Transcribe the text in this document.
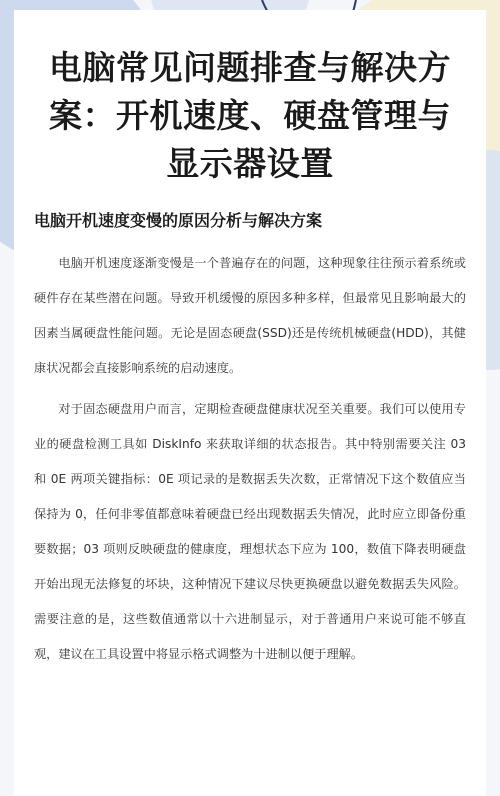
电脑常见问题排查与解决方案：开机速度、硬盘管理与显示器设置
电脑开机速度变慢的原因分析与解决方案

电脑开机速度逐渐变慢是一个普遍存在的问题，这种现象往往预示着系统或硬件存在某些潜在问题。导致开机缓慢的原因多种多样，但最常见且影响最大的因素当属硬盘性能问题。无论是固态硬盘(SSD)还是传统机械硬盘(HDD)，其健康状况都会直接影响系统的启动速度。

对于固态硬盘用户而言，定期检查硬盘健康状况至关重要。我们可以使用专业的硬盘检测工具如 DiskInfo 来获取详细的状态报告。其中特别需要关注 03 和 0E 两项关键指标：0E 项记录的是数据丢失次数，正常情况下这个数值应当保持为 0，任何非零值都意味着硬盘已经出现数据丢失情况，此时应立即备份重要数据；03 项则反映硬盘的健康度，理想状态下应为 100，数值下降表明硬盘开始出现无法修复的坏块，这种情况下建议尽快更换硬盘以避免数据丢失风险。需要注意的是，这些数值通常以十六进制显示，对于普通用户来说可能不够直观，建议在工具设置中将显示格式调整为十进制以便于理解。
